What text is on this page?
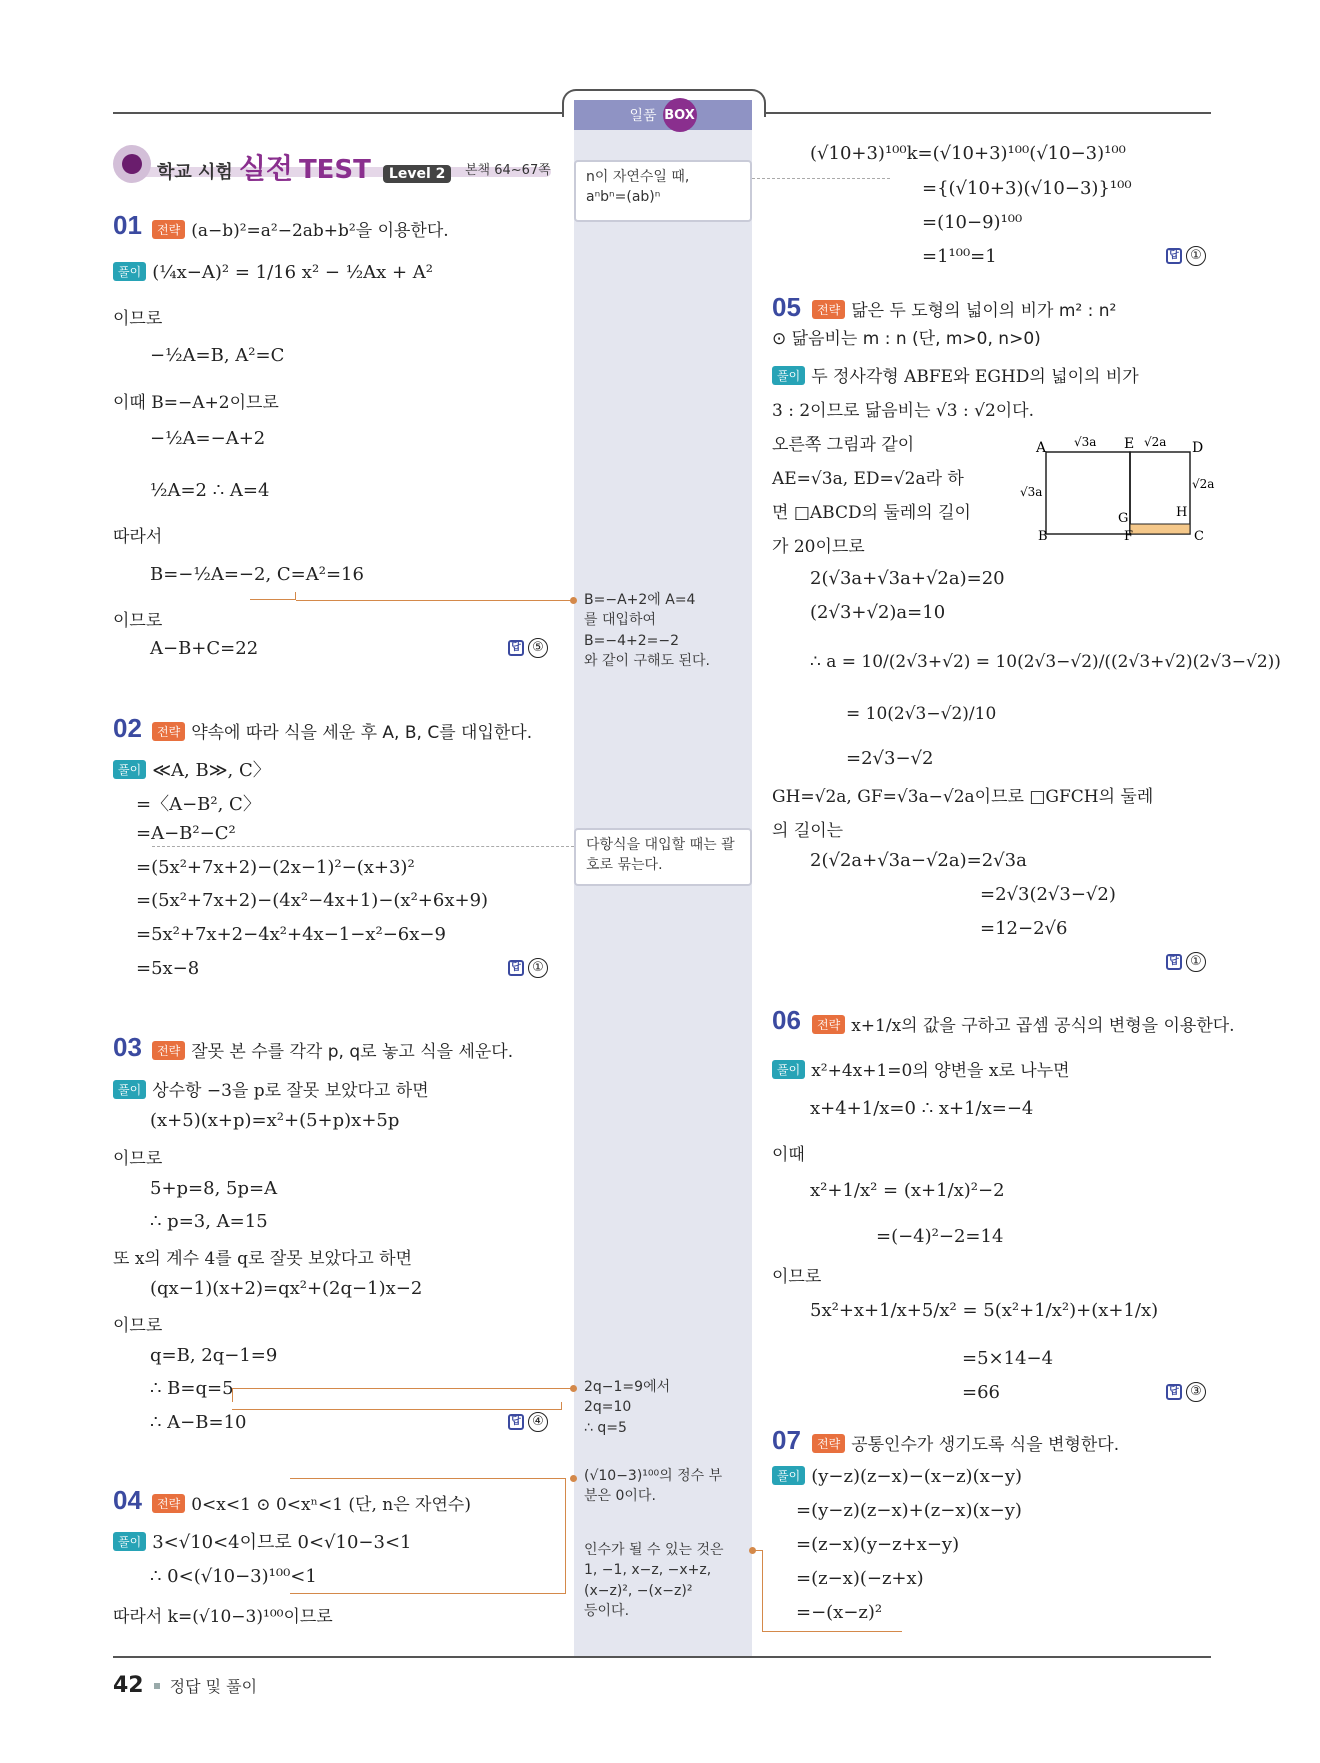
일품 BOX
학교 시험 실전 TEST	Level 2	본책 64~67쪽
01	전략 (a−b)²=a²−2ab+b²을 이용한다.
풀이 (¼x−A)² = 1/16 x² − ½Ax + A²
이므로
−½A=B, A²=C
이때 B=−A+2이므로
−½A=−A+2
½A=2 ∴ A=4
따라서
B=−½A=−2, C=A²=16
이므로
A−B+C=22	답 ⑤
02	전략 약속에 따라 식을 세운 후 A, B, C를 대입한다.
풀이 ≪A, B≫, C〉
=〈A−B², C〉
=A−B²−C²
=(5x²+7x+2)−(2x−1)²−(x+3)²
=(5x²+7x+2)−(4x²−4x+1)−(x²+6x+9)
=5x²+7x+2−4x²+4x−1−x²−6x−9
=5x−8	답 ①
03	전략 잘못 본 수를 각각 p, q로 놓고 식을 세운다.
풀이 상수항 −3을 p로 잘못 보았다고 하면
(x+5)(x+p)=x²+(5+p)x+5p
이므로
5+p=8, 5p=A
∴ p=3, A=15
또 x의 계수 4를 q로 잘못 보았다고 하면
(qx−1)(x+2)=qx²+(2q−1)x−2
이므로
q=B, 2q−1=9
∴ B=q=5
∴ A−B=10	답 ④
04	전략 0<x<1 ⊙ 0<xⁿ<1 (단, n은 자연수)
풀이 3<√10<4이므로 0<√10−3<1
∴ 0<(√10−3)¹⁰⁰<1
따라서 k=(√10−3)¹⁰⁰이므로
n이 자연수일 때,
aⁿbⁿ=(ab)ⁿ
B=−A+2에 A=4
를 대입하여
B=−4+2=−2
와 같이 구해도 된다.
다항식을 대입할 때는 괄
호로 묶는다.
2q−1=9에서
2q=10
∴ q=5
(√10−3)¹⁰⁰의 정수 부
분은 0이다.
인수가 될 수 있는 것은
1, −1, x−z, −x+z,
(x−z)², −(x−z)²
등이다.
(√10+3)¹⁰⁰k=(√10+3)¹⁰⁰(√10−3)¹⁰⁰
={(√10+3)(√10−3)}¹⁰⁰
=(10−9)¹⁰⁰
=1¹⁰⁰=1	답 ①
05	전략 닮은 두 도형의 넓이의 비가 m² : n²
⊙ 닮음비는 m : n (단, m>0, n>0)
풀이 두 정사각형 ABFE와 EGHD의 넓이의 비가
3 : 2이므로 닮음비는 √3 : √2이다.
오른쪽 그림과 같이
AE=√3a, ED=√2a라 하
면 □ABCD의 둘레의 길이
가 20이므로
A √3a E √2a D
√3a
√2a
G	H
B	F	C
2(√3a+√3a+√2a)=20
(2√3+√2)a=10
∴ a = 10/(2√3+√2) = 10(2√3−√2)/((2√3+√2)(2√3−√2))
= 10(2√3−√2)/10
=2√3−√2
GH=√2a, GF=√3a−√2a이므로 □GFCH의 둘레
의 길이는
2(√2a+√3a−√2a)=2√3a
=2√3(2√3−√2)
=12−2√6
답 ①
06	전략 x+1/x의 값을 구하고 곱셈 공식의 변형을 이용한다.
풀이 x²+4x+1=0의 양변을 x로 나누면
x+4+1/x=0 ∴ x+1/x=−4
이때
x²+1/x² = (x+1/x)²−2
=(−4)²−2=14
이므로
5x²+x+1/x+5/x² = 5(x²+1/x²)+(x+1/x)
=5×14−4
=66	답 ③
07	전략 공통인수가 생기도록 식을 변형한다.
풀이 (y−z)(z−x)−(x−z)(x−y)
=(y−z)(z−x)+(z−x)(x−y)
=(z−x)(y−z+x−y)
=(z−x)(−z+x)
=−(x−z)²
42 정답 및 풀이
